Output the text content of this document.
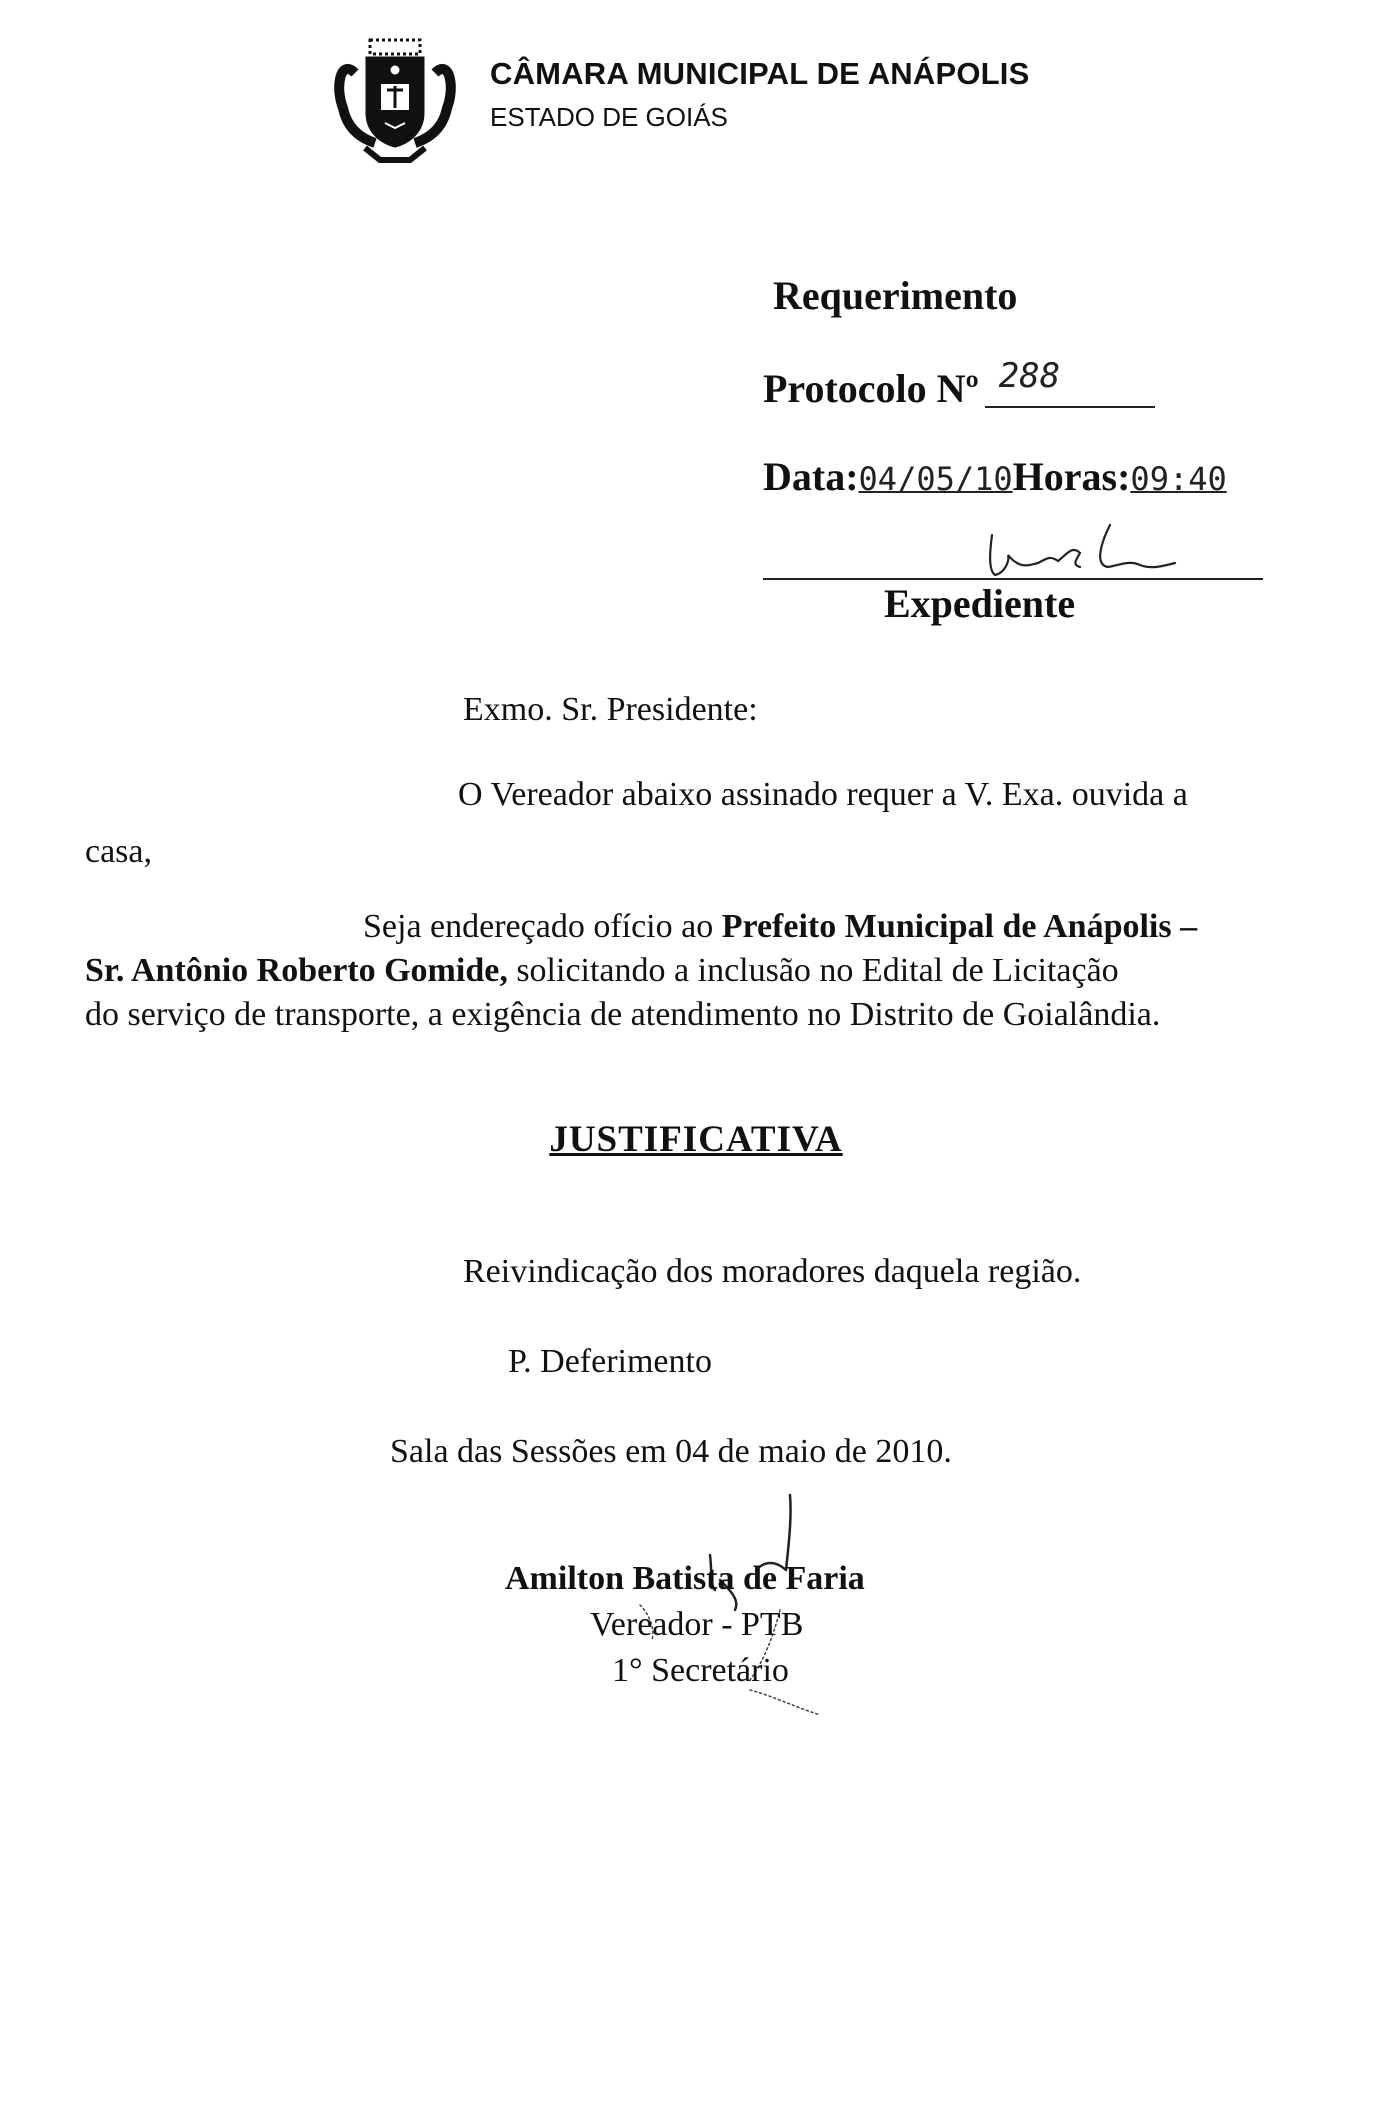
CÂMARA MUNICIPAL DE ANÁPOLIS
ESTADO DE GOIÁS
Requerimento
Protocolo Nº 288
Data:04/05/10Horas:09:40
Expediente
Exmo. Sr. Presidente:
O Vereador abaixo assinado requer a V. Exa. ouvida a
casa,

Seja endereçado ofício ao Prefeito Municipal de Anápolis –

Sr. Antônio Roberto Gomide, solicitando a inclusão no Edital de Licitação

do serviço de transporte, a exigência de atendimento no Distrito de Goialândia.

JUSTIFICATIVA
Reivindicação dos moradores daquela região.
P. Deferimento
Sala das Sessões em 04 de maio de 2010.
Amilton Batista de Faria
Vereador - PTB
1° Secretário
